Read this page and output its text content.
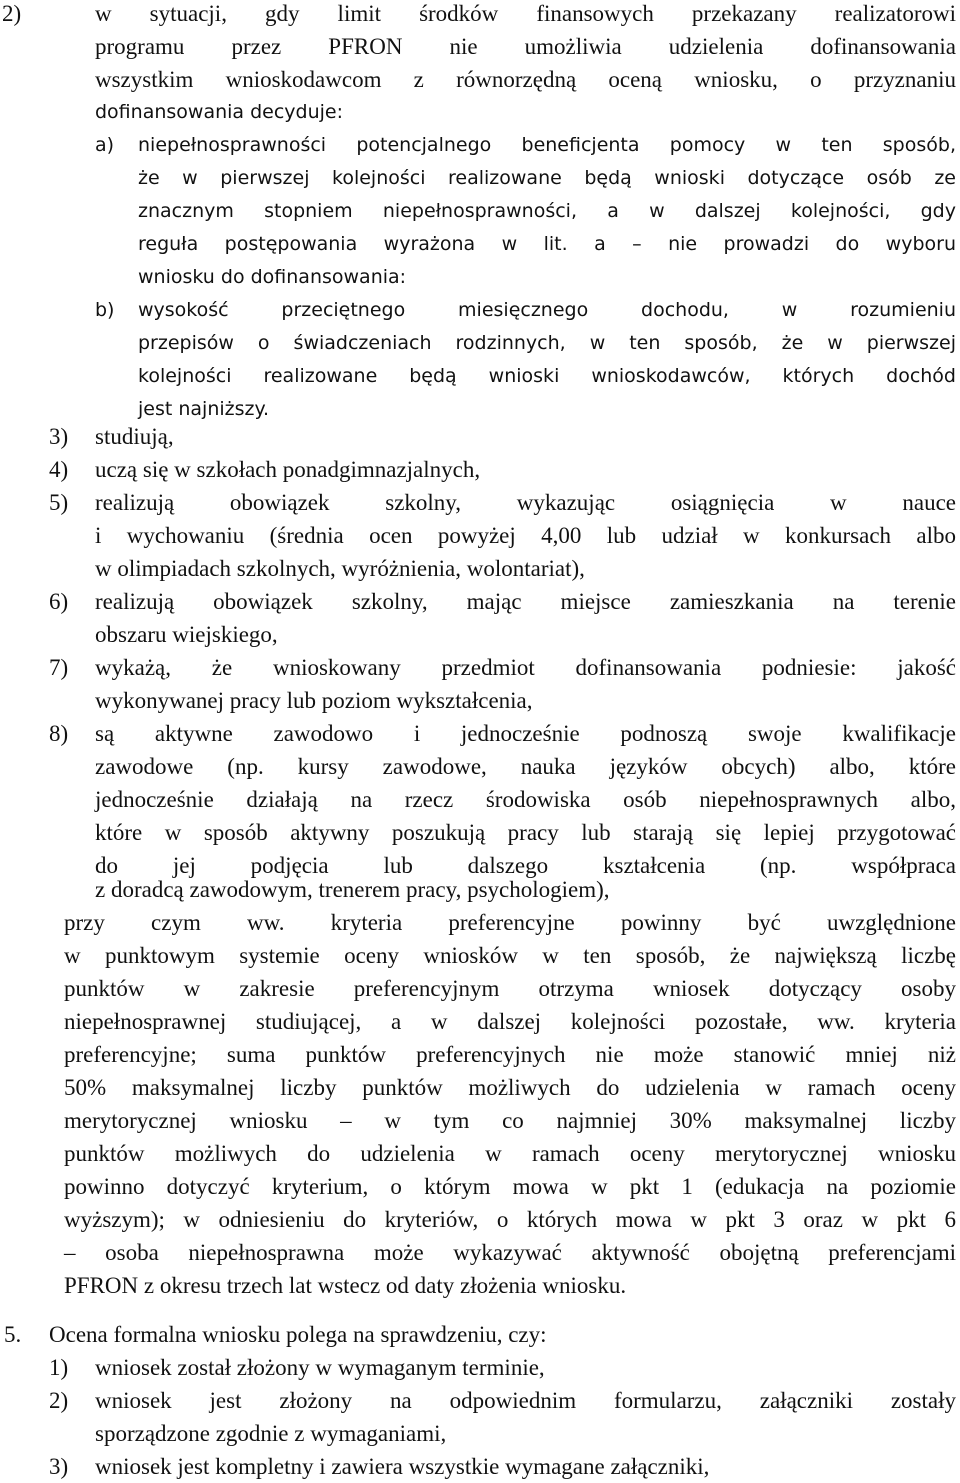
2)	w sytuacji, gdy limit środków finansowych przekazany realizatorowi
programu przez PFRON nie umożliwia udzielenia dofinansowania
wszystkim wnioskodawcom z równorzędną oceną wniosku, o przyznaniu
dofinansowania decyduje:
a) niepełnosprawności potencjalnego beneficjenta pomocy w ten sposób,
że w pierwszej kolejności realizowane będą wnioski dotyczące osób ze
znacznym stopniem niepełnosprawności, a w dalszej kolejności, gdy
reguła postępowania wyrażona w lit. a – nie prowadzi do wyboru
wniosku do dofinansowania:
b) wysokość przeciętnego miesięcznego dochodu, w rozumieniu
przepisów o świadczeniach rodzinnych, w ten sposób, że w pierwszej
kolejności realizowane będą wnioski wnioskodawców, których dochód
jest najniższy.
3) studiują,
4) uczą się w szkołach ponadgimnazjalnych,
5) realizują obowiązek szkolny, wykazując osiągnięcia w nauce
i wychowaniu (średnia ocen powyżej 4,00 lub udział w konkursach albo
w olimpiadach szkolnych, wyróżnienia, wolontariat),
6) realizują obowiązek szkolny, mając miejsce zamieszkania na terenie
obszaru wiejskiego,
7) wykażą, że wnioskowany przedmiot dofinansowania podniesie: jakość
wykonywanej pracy lub poziom wykształcenia,
8) są aktywne zawodowo i jednocześnie podnoszą swoje kwalifikacje
zawodowe (np. kursy zawodowe, nauka języków obcych) albo, które
jednocześnie działają na rzecz środowiska osób niepełnosprawnych albo,
które w sposób aktywny poszukują pracy lub starają się lepiej przygotować
do jej podjęcia lub dalszego kształcenia (np. współpraca
z doradcą zawodowym, trenerem pracy, psychologiem),
przy czym ww. kryteria preferencyjne powinny być uwzględnione
w punktowym systemie oceny wniosków w ten sposób, że największą liczbę
punktów w zakresie preferencyjnym otrzyma wniosek dotyczący osoby
niepełnosprawnej studiującej, a w dalszej kolejności pozostałe, ww. kryteria
preferencyjne; suma punktów preferencyjnych nie może stanowić mniej niż
50% maksymalnej liczby punktów możliwych do udzielenia w ramach oceny
merytorycznej wniosku – w tym co najmniej 30% maksymalnej liczby
punktów możliwych do udzielenia w ramach oceny merytorycznej wniosku
powinno dotyczyć kryterium, o którym mowa w pkt 1 (edukacja na poziomie
wyższym); w odniesieniu do kryteriów, o których mowa w pkt 3 oraz w pkt 6
– osoba niepełnosprawna może wykazywać aktywność obojętną preferencjami
PFRON z okresu trzech lat wstecz od daty złożenia wniosku.
5. Ocena formalna wniosku polega na sprawdzeniu, czy:
1) wniosek został złożony w wymaganym terminie,
2) wniosek jest złożony na odpowiednim formularzu, załączniki zostały
sporządzone zgodnie z wymaganiami,
3) wniosek jest kompletny i zawiera wszystkie wymagane załączniki,
